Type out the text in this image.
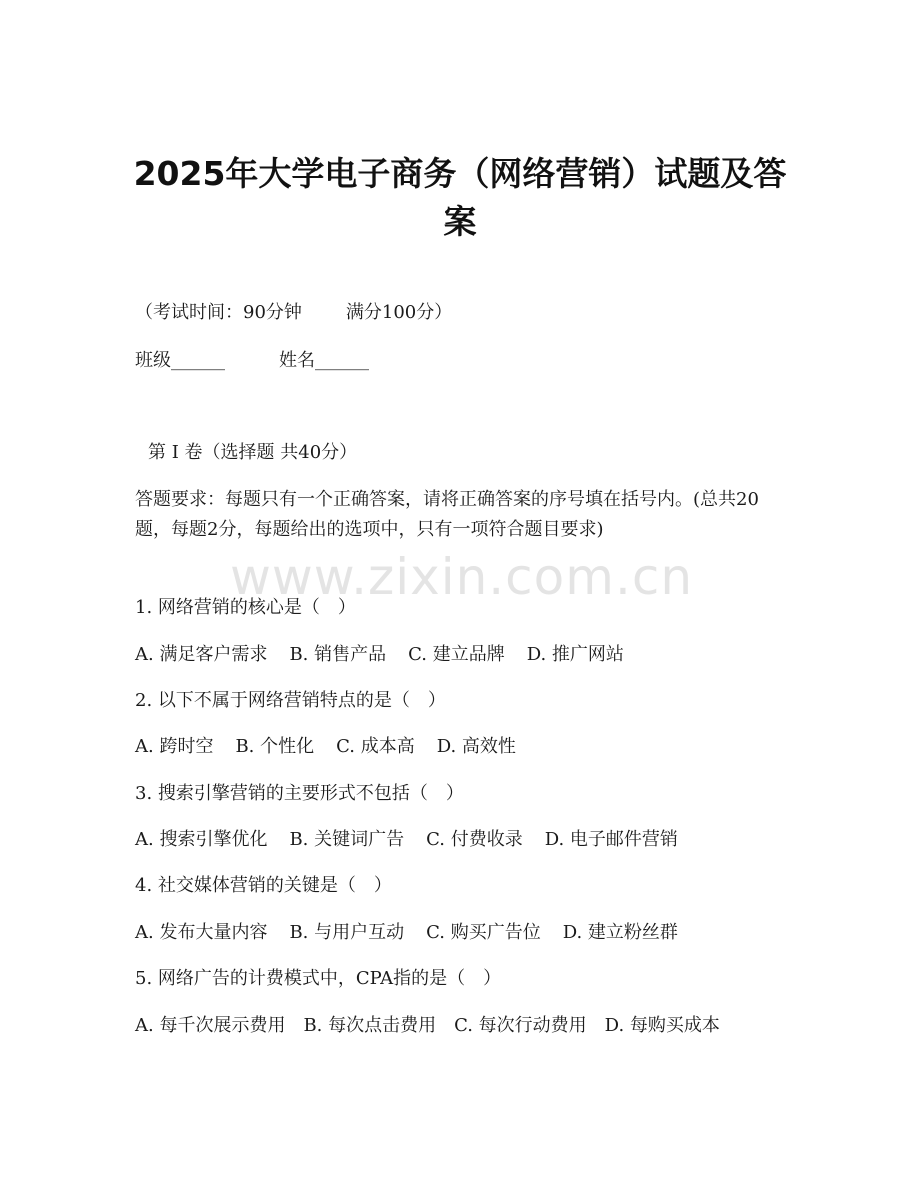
2025年大学电子商务（网络营销）试题及答案
（考试时间：90分钟 满分100分）
班级______	姓名______
第 I 卷（选择题 共40分）
答题要求：每题只有一个正确答案，请将正确答案的序号填在括号内。(总共20题，每题2分，每题给出的选项中，只有一项符合题目要求)
www.zixin.com.cn
1. 网络营销的核心是（　）
A. 满足客户需求 B. 销售产品 C. 建立品牌 D. 推广网站
2. 以下不属于网络营销特点的是（　）
A. 跨时空 B. 个性化 C. 成本高 D. 高效性
3. 搜索引擎营销的主要形式不包括（　）
A. 搜索引擎优化 B. 关键词广告 C. 付费收录 D. 电子邮件营销
4. 社交媒体营销的关键是（　）
A. 发布大量内容 B. 与用户互动 C. 购买广告位 D. 建立粉丝群
5. 网络广告的计费模式中，CPA指的是（　）
A. 每千次展示费用　B. 每次点击费用　C. 每次行动费用　D. 每购买成本
